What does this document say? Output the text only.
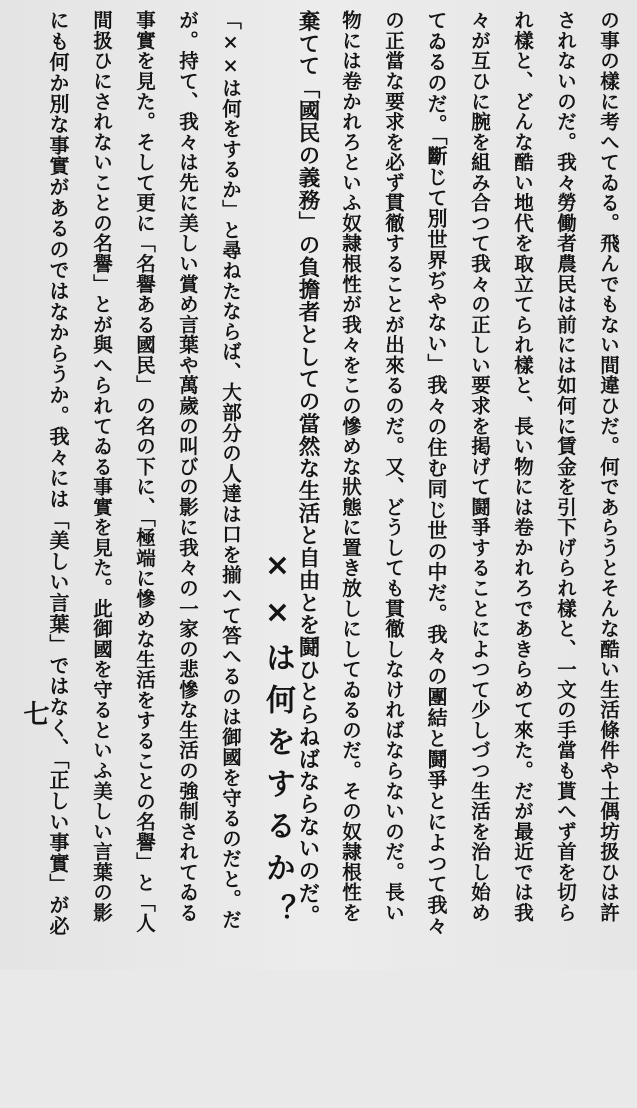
の事の樣に考へてゐる。飛んでもない間違ひだ。何であらうとそんな酷い生活條件や土偶坊扱ひは許
されないのだ。我々勞働者農民は前には如何に賃金を引下げられ樣と、一文の手當も貰へず首を切ら
れ樣と、どんな酷い地代を取立てられ樣と、長い物には卷かれろであきらめて來た。だが最近では我
々が互ひに腕を組み合つて我々の正しい要求を掲げて鬪爭することによつて少しづつ生活を治し始め
てゐるのだ。「斷じて別世界ぢやない」我々の住む同じ世の中だ。我々の團結と鬪爭とによつて我々
の正當な要求を必ず貫徹することが出來るのだ。又、どうしても貫徹しなければならないのだ。長い
物には卷かれろといふ奴隷根性が我々をこの慘めな狀態に置き放しにしてゐるのだ。その奴隷根性を
棄てて「國民の義務」の負擔者としての當然な生活と自由とを鬪ひとらねばならないのだ。
××は何をするか？
「××は何をするか」と尋ねたならば、大部分の人達は口を揃へて答へるのは御國を守るのだと。だ
が。持て、我々は先に美しい賞め言葉や萬歲の叫びの影に我々の一家の悲慘な生活の強制されてゐる
事實を見た。そして更に「名譽ある國民」の名の下に、「極端に慘めな生活をすることの名譽」と「人
間扱ひにされないことの名譽」とが與へられてゐる事實を見た。此御國を守るといふ美しい言葉の影
にも何か別な事實があるのではなからうか。我々には「美しい言葉」ではなく、「正しい事實」が必
七
